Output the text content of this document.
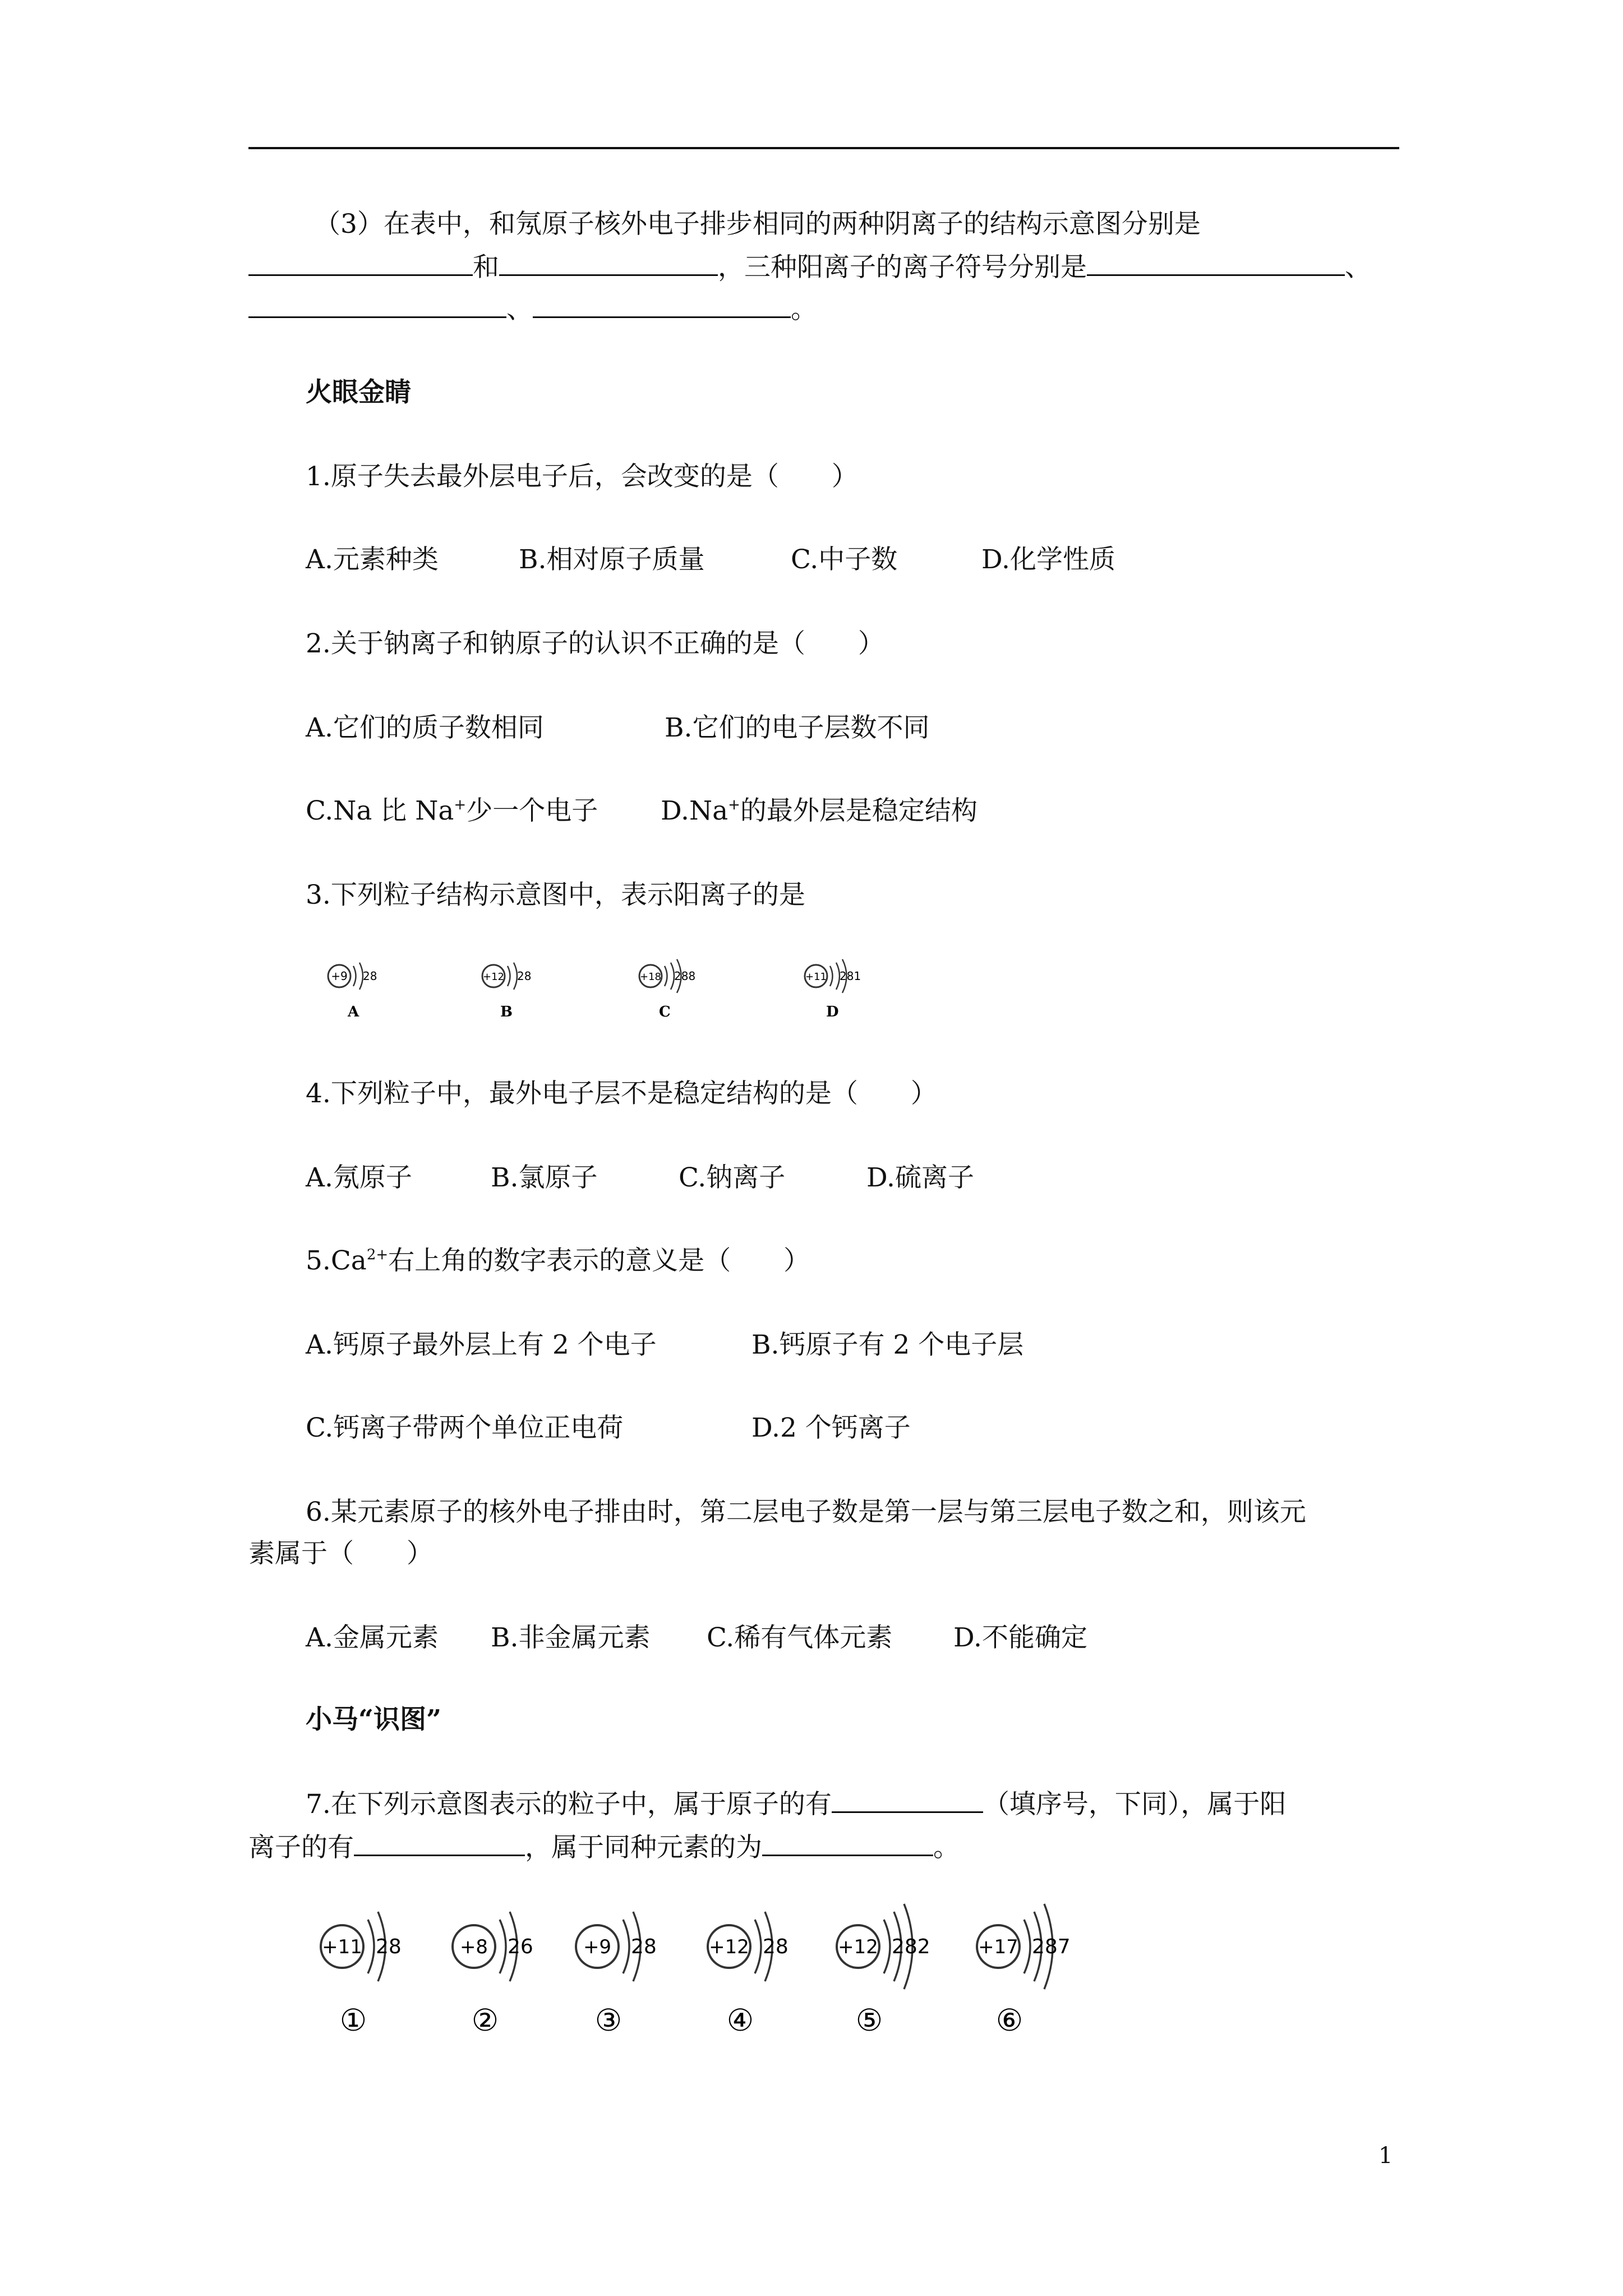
（3）在表中，和氖原子核外电子排步相同的两种阴离子的结构示意图分别是
和	，三种阳离子的离子符号分别是	、
、	。
火眼金睛
1.原子失去最外层电子后，会改变的是（　　）
A.元素种类	B.相对原子质量	C.中子数	D.化学性质
2.关于钠离子和钠原子的认识不正确的是（　　）
A.它们的质子数相同	B.它们的电子层数不同
C.Na 比 Na+少一个电子 D.Na+的最外层是稳定结构
3.下列粒子结构示意图中，表示阳离子的是
+9 28
A
+12 28
B
+18 288
C
+11 281
D
4.下列粒子中，最外电子层不是稳定结构的是（　　）
A.氖原子	B.氯原子	C.钠离子	D.硫离子
$5.Ca^{2+}$右上角的数字表示的意义是（　　）
A.钙原子最外层上有 2 个电子	B.钙原子有 2 个电子层
C.钙离子带两个单位正电荷	D.2 个钙离子
6.某元素原子的核外电子排由时，第二层电子数是第一层与第三层电子数之和，则该元
素属于（　　）
A.金属元素 B.非金属元素 C.稀有气体元素 D.不能确定
小马“识图”
7.在下列示意图表示的粒子中，属于原子的有	（填序号，下同），属于阳
离子的有	，属于同种元素的为	。
+11 28
①
+8 26
②
+9 28
③
+12 28
④
+12 282
⑤
+17 287
⑥
1
